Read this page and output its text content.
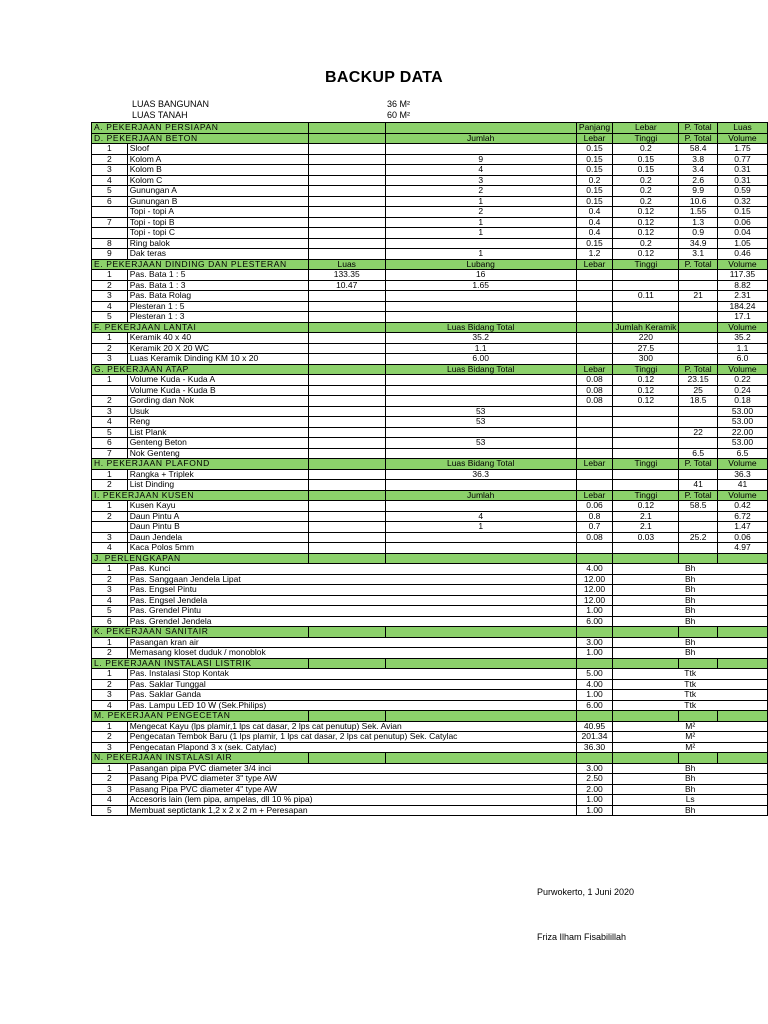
BACKUP DATA
LUAS BANGUNAN	36 M²
LUAS TANAH	60 M²
A. PEKERJAAN PERSIAPAN				Panjang	Lebar	P. Total	Luas
D. PEKERJAAN BETON			Jumlah	Lebar	Tinggi	P. Total	Volume
1	Sloof			0.15	0.2	58.4	1.75
2	Kolom A		9	0.15	0.15	3.8	0.77
3	Kolom B		4	0.15	0.15	3.4	0.31
4	Kolom C		3	0.2	0.2	2.6	0.31
5	Gunungan A		2	0.15	0.2	9.9	0.59
6	Gunungan B		1	0.15	0.2	10.6	0.32
	Topi - topi A		2	0.4	0.12	1.55	0.15
7	Topi - topi B		1	0.4	0.12	1.3	0.06
	Topi - topi C		1	0.4	0.12	0.9	0.04
8	Ring balok			0.15	0.2	34.9	1.05
9	Dak teras		1	1.2	0.12	3.1	0.46
E. PEKERJAAN DINDING DAN PLESTERAN		Luas	Lubang	Lebar	Tinggi	P. Total	Volume
1	Pas. Bata 1 : 5	133.35	16				117.35
2	Pas. Bata 1 : 3	10.47	1.65				8.82
3	Pas. Bata Rolag				0.11	21	2.31
4	Plesteran 1 : 5						184.24
5	Plesteran 1 : 3						17.1
F. PEKERJAAN LANTAI			Luas Bidang Total		Jumlah Keramik		Volume
1	Keramik 40 x 40		35.2		220		35.2
2	Keramik 20 X 20 WC		1.1		27.5		1.1
3	Luas Keramik Dinding KM 10 x 20		6.00		300		6.0
G. PEKERJAAN ATAP			Luas Bidang Total	Lebar	Tinggi	P. Total	Volume
1	Volume Kuda - Kuda A			0.08	0.12	23.15	0.22
	Volume Kuda - Kuda B			0.08	0.12	25	0.24
2	Gording dan Nok			0.08	0.12	18.5	0.18
3	Usuk		53				53.00
4	Reng		53				53.00
5	List Plank					22	22.00
6	Genteng Beton		53				53.00
7	Nok Genteng					6.5	6.5
H. PEKERJAAN PLAFOND			Luas Bidang Total	Lebar	Tinggi	P. Total	Volume
1	Rangka + Triplek		36.3				36.3
2	List Dinding					41	41
I. PEKERJAAN KUSEN			Jumlah	Lebar	Tinggi	P. Total	Volume
1	Kusen Kayu			0.06	0.12	58.5	0.42
2	Daun Pintu A		4	0.8	2.1		6.72
	Daun Pintu B		1	0.7	2.1		1.47
3	Daun Jendela			0.08	0.03	25.2	0.06
4	Kaca Polos 5mm						4.97
J. PERLENGKAPAN							
1	Pas. Kunci			4.00	Bh		
2	Pas. Sanggaan Jendela Lipat			12.00	Bh		
3	Pas. Engsel Pintu			12.00	Bh		
4	Pas. Engsel Jendela			12.00	Bh		
5	Pas. Grendel Pintu			1.00	Bh		
6	Pas. Grendel Jendela			6.00	Bh		
K. PEKERJAAN SANITAIR							
1	Pasangan kran air			3.00	Bh		
2	Memasang kloset duduk / monoblok			1.00	Bh		
L. PEKERJAAN INSTALASI LISTRIK							
1	Pas. Instalasi Stop Kontak			5.00	Ttk		
2	Pas. Saklar Tunggal			4.00	Ttk		
3	Pas. Saklar Ganda			1.00	Ttk		
4	Pas. Lampu LED 10 W (Sek.Philips)			6.00	Ttk		
M. PEKERJAAN PENGECETAN							
1	Mengecat Kayu (lps plamir,1 lps cat dasar, 2 lps cat penutup) Sek. Avian			40.95	M²		
2	Pengecatan Tembok Baru (1 lps plamir, 1 lps cat dasar, 2 lps cat penutup) Sek. Catylac			201.34	M²		
3	Pengecatan Plapond 3 x (sek. Catylac)			36.30	M²		
N. PEKERJAAN INSTALASI AIR							
1	Pasangan pipa PVC diameter 3/4 inci			3.00	Bh		
2	Pasang Pipa PVC diameter 3" type AW			2.50	Bh		
3	Pasang Pipa PVC diameter 4" type AW			2.00	Bh		
4	Accesoris lain (lem pipa, ampelas, dll 10 % pipa)			1.00	Ls		
5	Membuat septictank 1,2 x 2 x 2 m + Peresapan			1.00	Bh		
Purwokerto, 1 Juni 2020
Friza Ilham Fisabilillah
